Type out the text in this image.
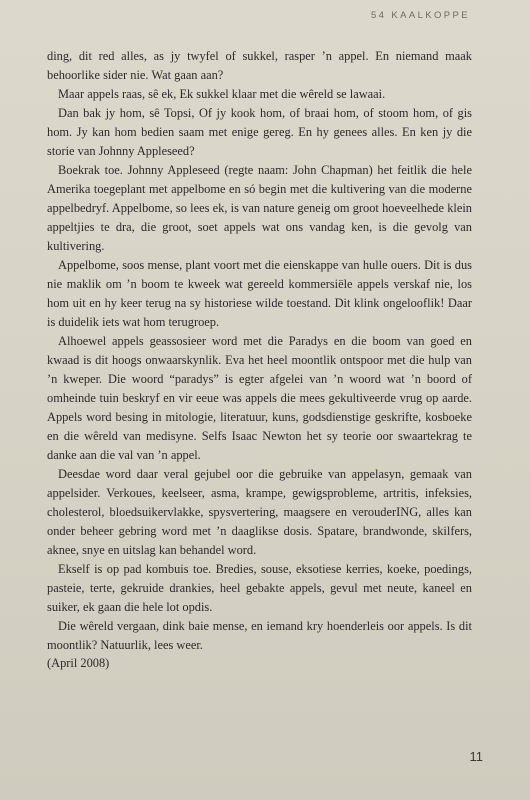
54 KAALKOPPE

ding, dit red alles, as jy twyfel of sukkel, rasper ’n appel. En niemand maak behoorlike sider nie. Wat gaan aan?

Maar appels raas, sê ek, Ek sukkel klaar met die wêreld se lawaai.

Dan bak jy hom, sê Topsi, Of jy kook hom, of braai hom, of stoom hom, of gis hom. Jy kan hom bedien saam met enige gereg. En hy genees alles. En ken jy die storie van Johnny Appleseed?

Boekrak toe. Johnny Appleseed (regte naam: John Chapman) het feitlik die hele Amerika toegeplant met appelbome en só begin met die kultivering van die moderne appelbedryf. Appelbome, so lees ek, is van nature geneig om groot hoeveelhede klein appeltjies te dra, die groot, soet appels wat ons vandag ken, is die gevolg van kultivering.

Appelbome, soos mense, plant voort met die eienskappe van hulle ouers. Dit is dus nie maklik om ’n boom te kweek wat gereeld kommersiële appels verskaf nie, los hom uit en hy keer terug na sy historiese wilde toestand. Dit klink ongelooflik! Daar is duidelik iets wat hom terugroep.

Alhoewel appels geassosieer word met die Paradys en die boom van goed en kwaad is dit hoogs onwaarskynlik. Eva het heel moontlik ontspoor met die hulp van ’n kweper. Die woord “paradys” is egter afgelei van ’n woord wat ’n boord of omheinde tuin beskryf en vir eeue was appels die mees gekultiveerde vrug op aarde. Appels word besing in mitologie, literatuur, kuns, godsdienstige geskrifte, kosboeke en die wêreld van medisyne. Selfs Isaac Newton het sy teorie oor swaartekrag te danke aan die val van ’n appel.

Deesdae word daar veral gejubel oor die gebruike van appelasyn, gemaak van appelsider. Verkoues, keelseer, asma, krampe, gewigsprobleme, artritis, infeksies, cholesterol, bloedsuikervlakke, spysvertering, maagsere en verouderING, alles kan onder beheer gebring word met ’n daaglikse dosis. Spatare, brandwonde, skilfers, aknee, snye en uitslag kan behandel word.

Ekself is op pad kombuis toe. Bredies, souse, eksotiese kerries, koeke, poedings, pasteie, terte, gekruide drankies, heel gebakte appels, gevul met neute, kaneel en suiker, ek gaan die hele lot opdis.

Die wêreld vergaan, dink baie mense, en iemand kry hoenderleis oor appels. Is dit moontlik? Natuurlik, lees weer.

(April 2008)
11
